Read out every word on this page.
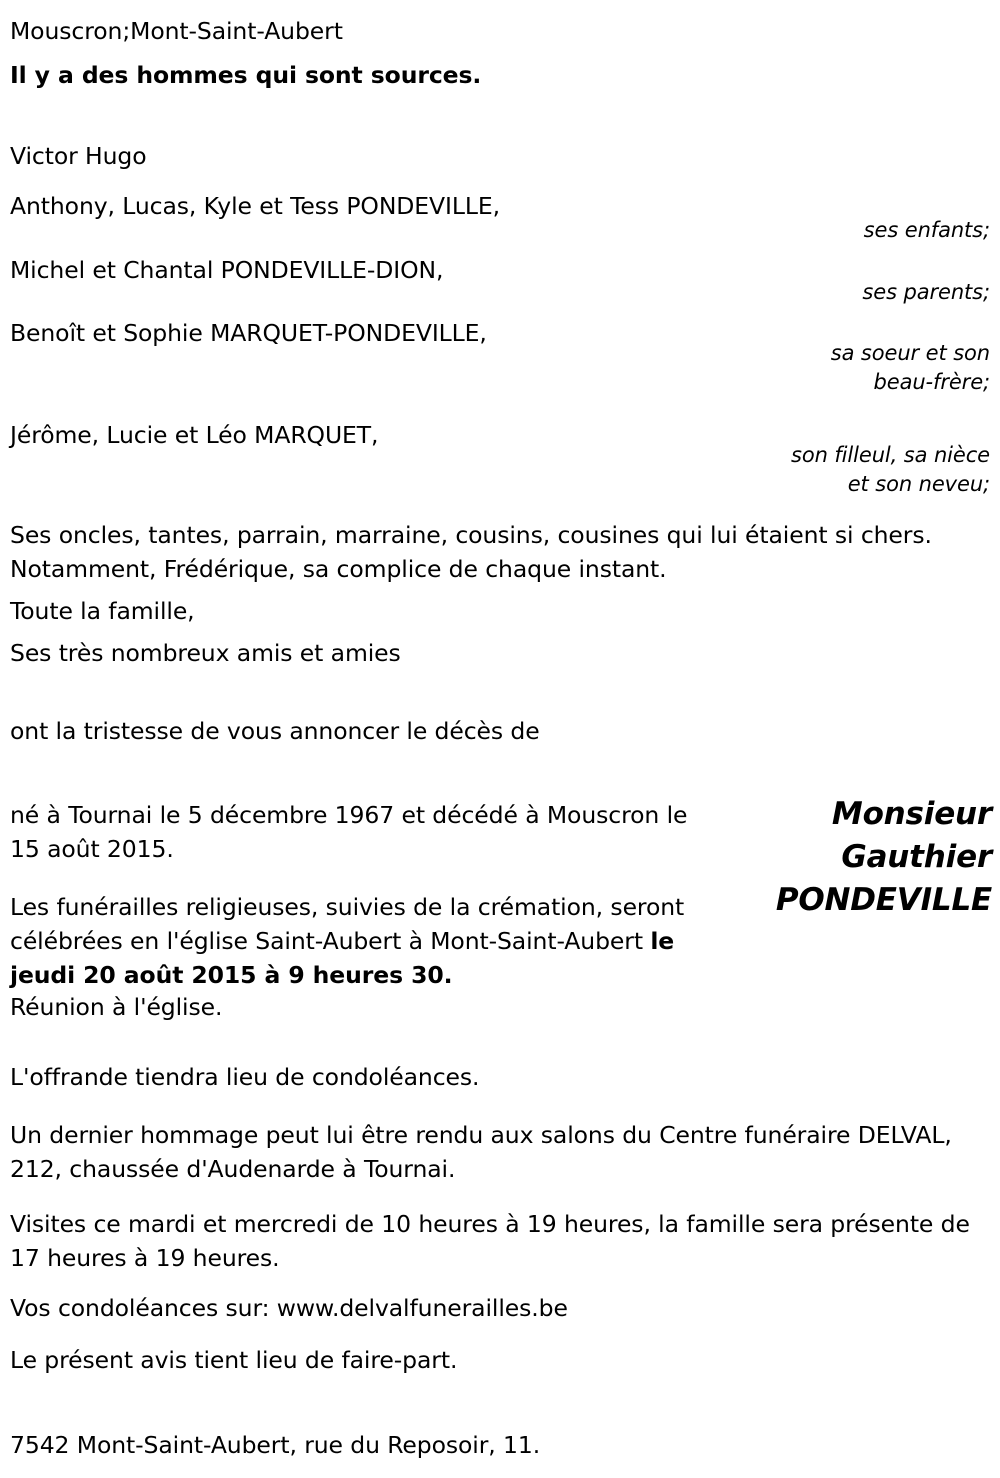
Mouscron;Mont-Saint-Aubert
Il y a des hommes qui sont sources.
Victor Hugo
Anthony, Lucas, Kyle et Tess PONDEVILLE,
ses enfants;
Michel et Chantal PONDEVILLE-DION,
ses parents;
Benoît et Sophie MARQUET-PONDEVILLE,
sa soeur et son
beau-frère;
Jérôme, Lucie et Léo MARQUET,
son filleul, sa nièce
et son neveu;
Ses oncles, tantes, parrain, marraine, cousins, cousines qui lui étaient si chers. Notamment, Frédérique, sa complice de chaque instant.
Toute la famille,
Ses très nombreux amis et amies
ont la tristesse de vous annoncer le décès de
Monsieur
Gauthier
PONDEVILLE
né à Tournai le 5 décembre 1967 et décédé à Mouscron le 15 août 2015.
Les funérailles religieuses, suivies de la crémation, seront célébrées en l'église Saint-Aubert à Mont-Saint-Aubert le jeudi 20 août 2015 à 9 heures 30.
Réunion à l'église.
L'offrande tiendra lieu de condoléances.
Un dernier hommage peut lui être rendu aux salons du Centre funéraire DELVAL, 212, chaussée d'Audenarde à Tournai.
Visites ce mardi et mercredi de 10 heures à 19 heures, la famille sera présente de 17 heures à 19 heures.
Vos condoléances sur: www.delvalfunerailles.be
Le présent avis tient lieu de faire-part.
7542 Mont-Saint-Aubert, rue du Reposoir, 11.
